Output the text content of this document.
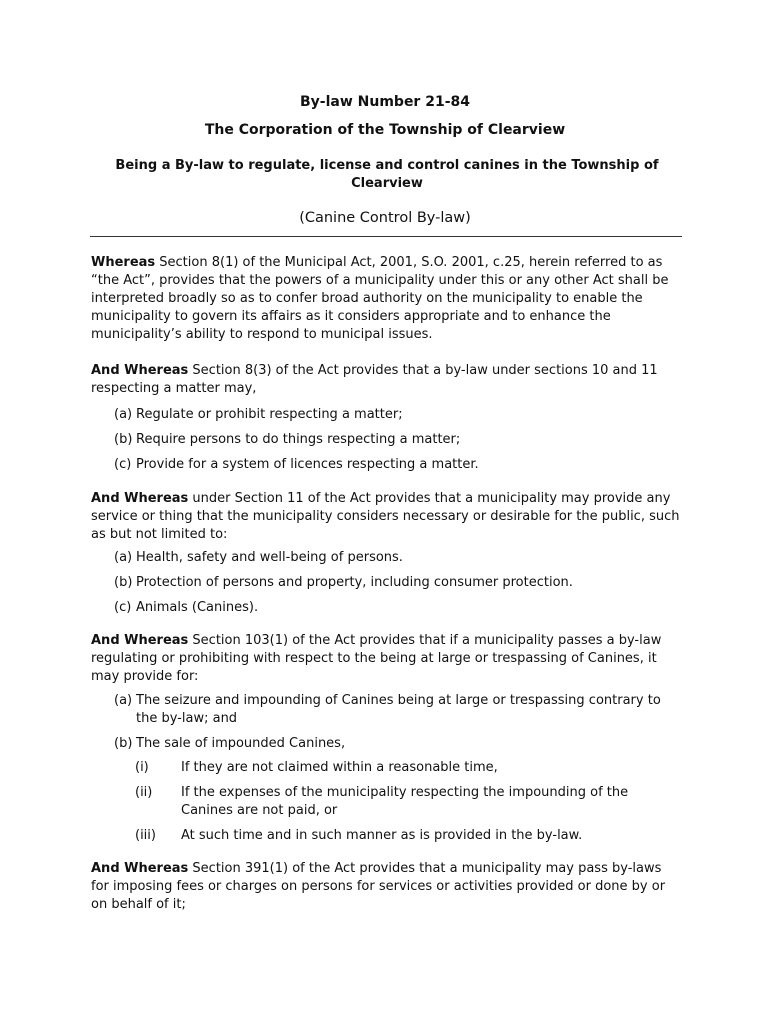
By-law Number 21-84
The Corporation of the Township of Clearview
Being a By-law to regulate, license and control canines in the Township of Clearview
(Canine Control By-law)
Whereas Section 8(1) of the Municipal Act, 2001, S.O. 2001, c.25, herein referred to as “the Act”, provides that the powers of a municipality under this or any other Act shall be interpreted broadly so as to confer broad authority on the municipality to enable the municipality to govern its affairs as it considers appropriate and to enhance the municipality’s ability to respond to municipal issues.
And Whereas Section 8(3) of the Act provides that a by-law under sections 10 and 11 respecting a matter may,
(a) Regulate or prohibit respecting a matter;
(b) Require persons to do things respecting a matter;
(c) Provide for a system of licences respecting a matter.
And Whereas under Section 11 of the Act provides that a municipality may provide any service or thing that the municipality considers necessary or desirable for the public, such as but not limited to:
(a) Health, safety and well-being of persons.
(b) Protection of persons and property, including consumer protection.
(c) Animals (Canines).
And Whereas Section 103(1) of the Act provides that if a municipality passes a by-law regulating or prohibiting with respect to the being at large or trespassing of Canines, it may provide for:
(a) The seizure and impounding of Canines being at large or trespassing contrary to the by-law; and
(b) The sale of impounded Canines,
(i) If they are not claimed within a reasonable time,
(ii) If the expenses of the municipality respecting the impounding of the Canines are not paid, or
(iii) At such time and in such manner as is provided in the by-law.
And Whereas Section 391(1) of the Act provides that a municipality may pass by-laws for imposing fees or charges on persons for services or activities provided or done by or on behalf of it;
